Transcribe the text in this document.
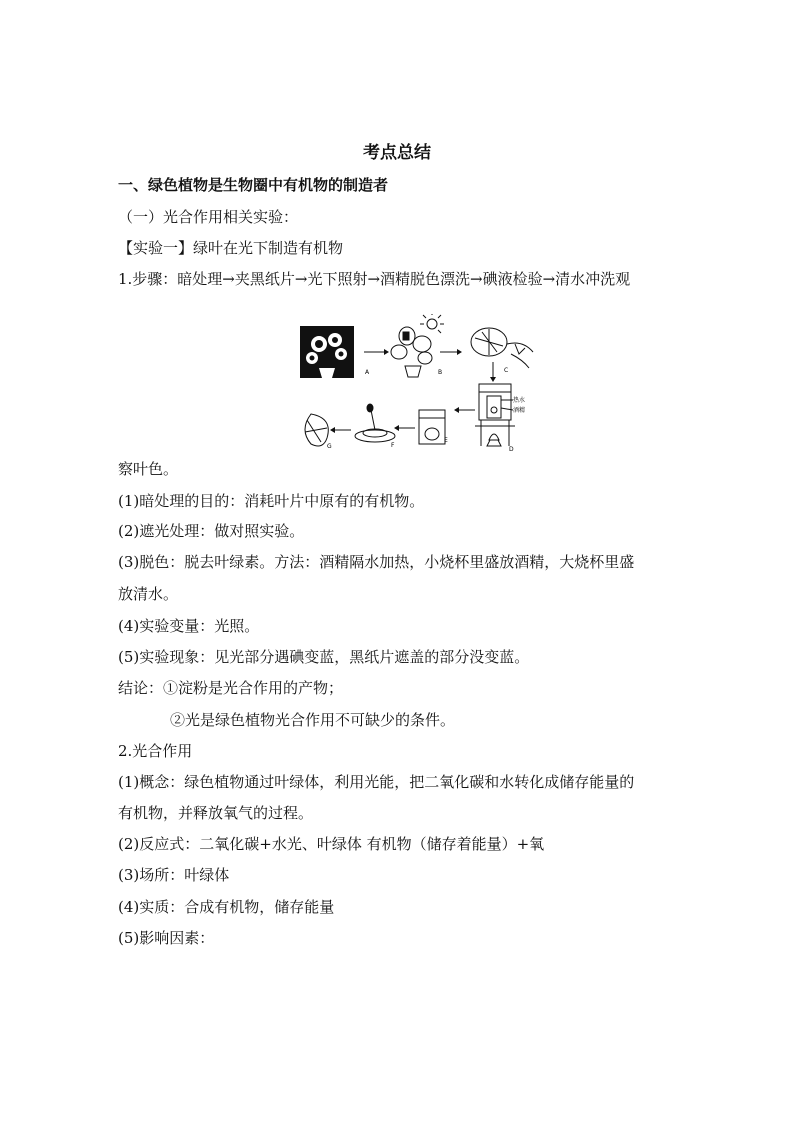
考点总结
一、绿色植物是生物圈中有机物的制造者
（一）光合作用相关实验：
【实验一】绿叶在光下制造有机物
1.步骤：暗处理→夹黑纸片→光下照射→酒精脱色漂洗→碘液检验→清水冲洗观
A	B	C
热水
酒精
D
E
F
G
察叶色。
(1)暗处理的目的：消耗叶片中原有的有机物。
(2)遮光处理：做对照实验。
(3)脱色：脱去叶绿素。方法：酒精隔水加热，小烧杯里盛放酒精，大烧杯里盛
放清水。
(4)实验变量：光照。
(5)实验现象：见光部分遇碘变蓝，黑纸片遮盖的部分没变蓝。
结论：①淀粉是光合作用的产物；
②光是绿色植物光合作用不可缺少的条件。
2.光合作用
(1)概念：绿色植物通过叶绿体，利用光能，把二氧化碳和水转化成储存能量的
有机物，并释放氧气的过程。
(2)反应式：二氧化碳+水光、叶绿体 有机物（储存着能量）+氧
(3)场所：叶绿体
(4)实质：合成有机物，储存能量
(5)影响因素：
